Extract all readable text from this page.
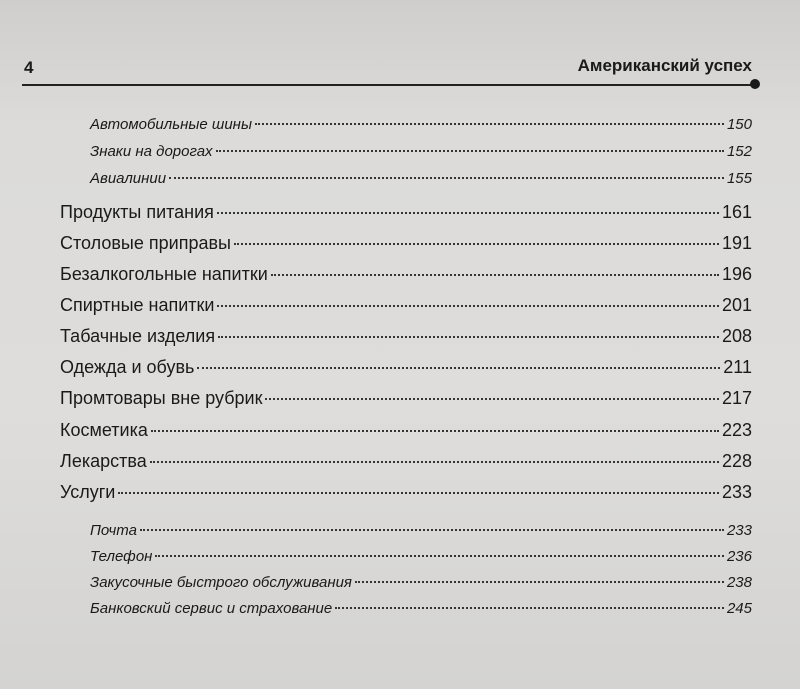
4	Американский успех
Автомобильные шины	150
Знаки на дорогах	152
Авиалинии	155
Продукты питания	161
Столовые приправы	191
Безалкогольные напитки	196
Спиртные напитки	201
Табачные изделия	208
Одежда и обувь	211
Промтовары вне рубрик	217
Косметика	223
Лекарства	228
Услуги	233
Почта	233
Телефон	236
Закусочные быстрого обслуживания	238
Банковский сервис и страхование	245
